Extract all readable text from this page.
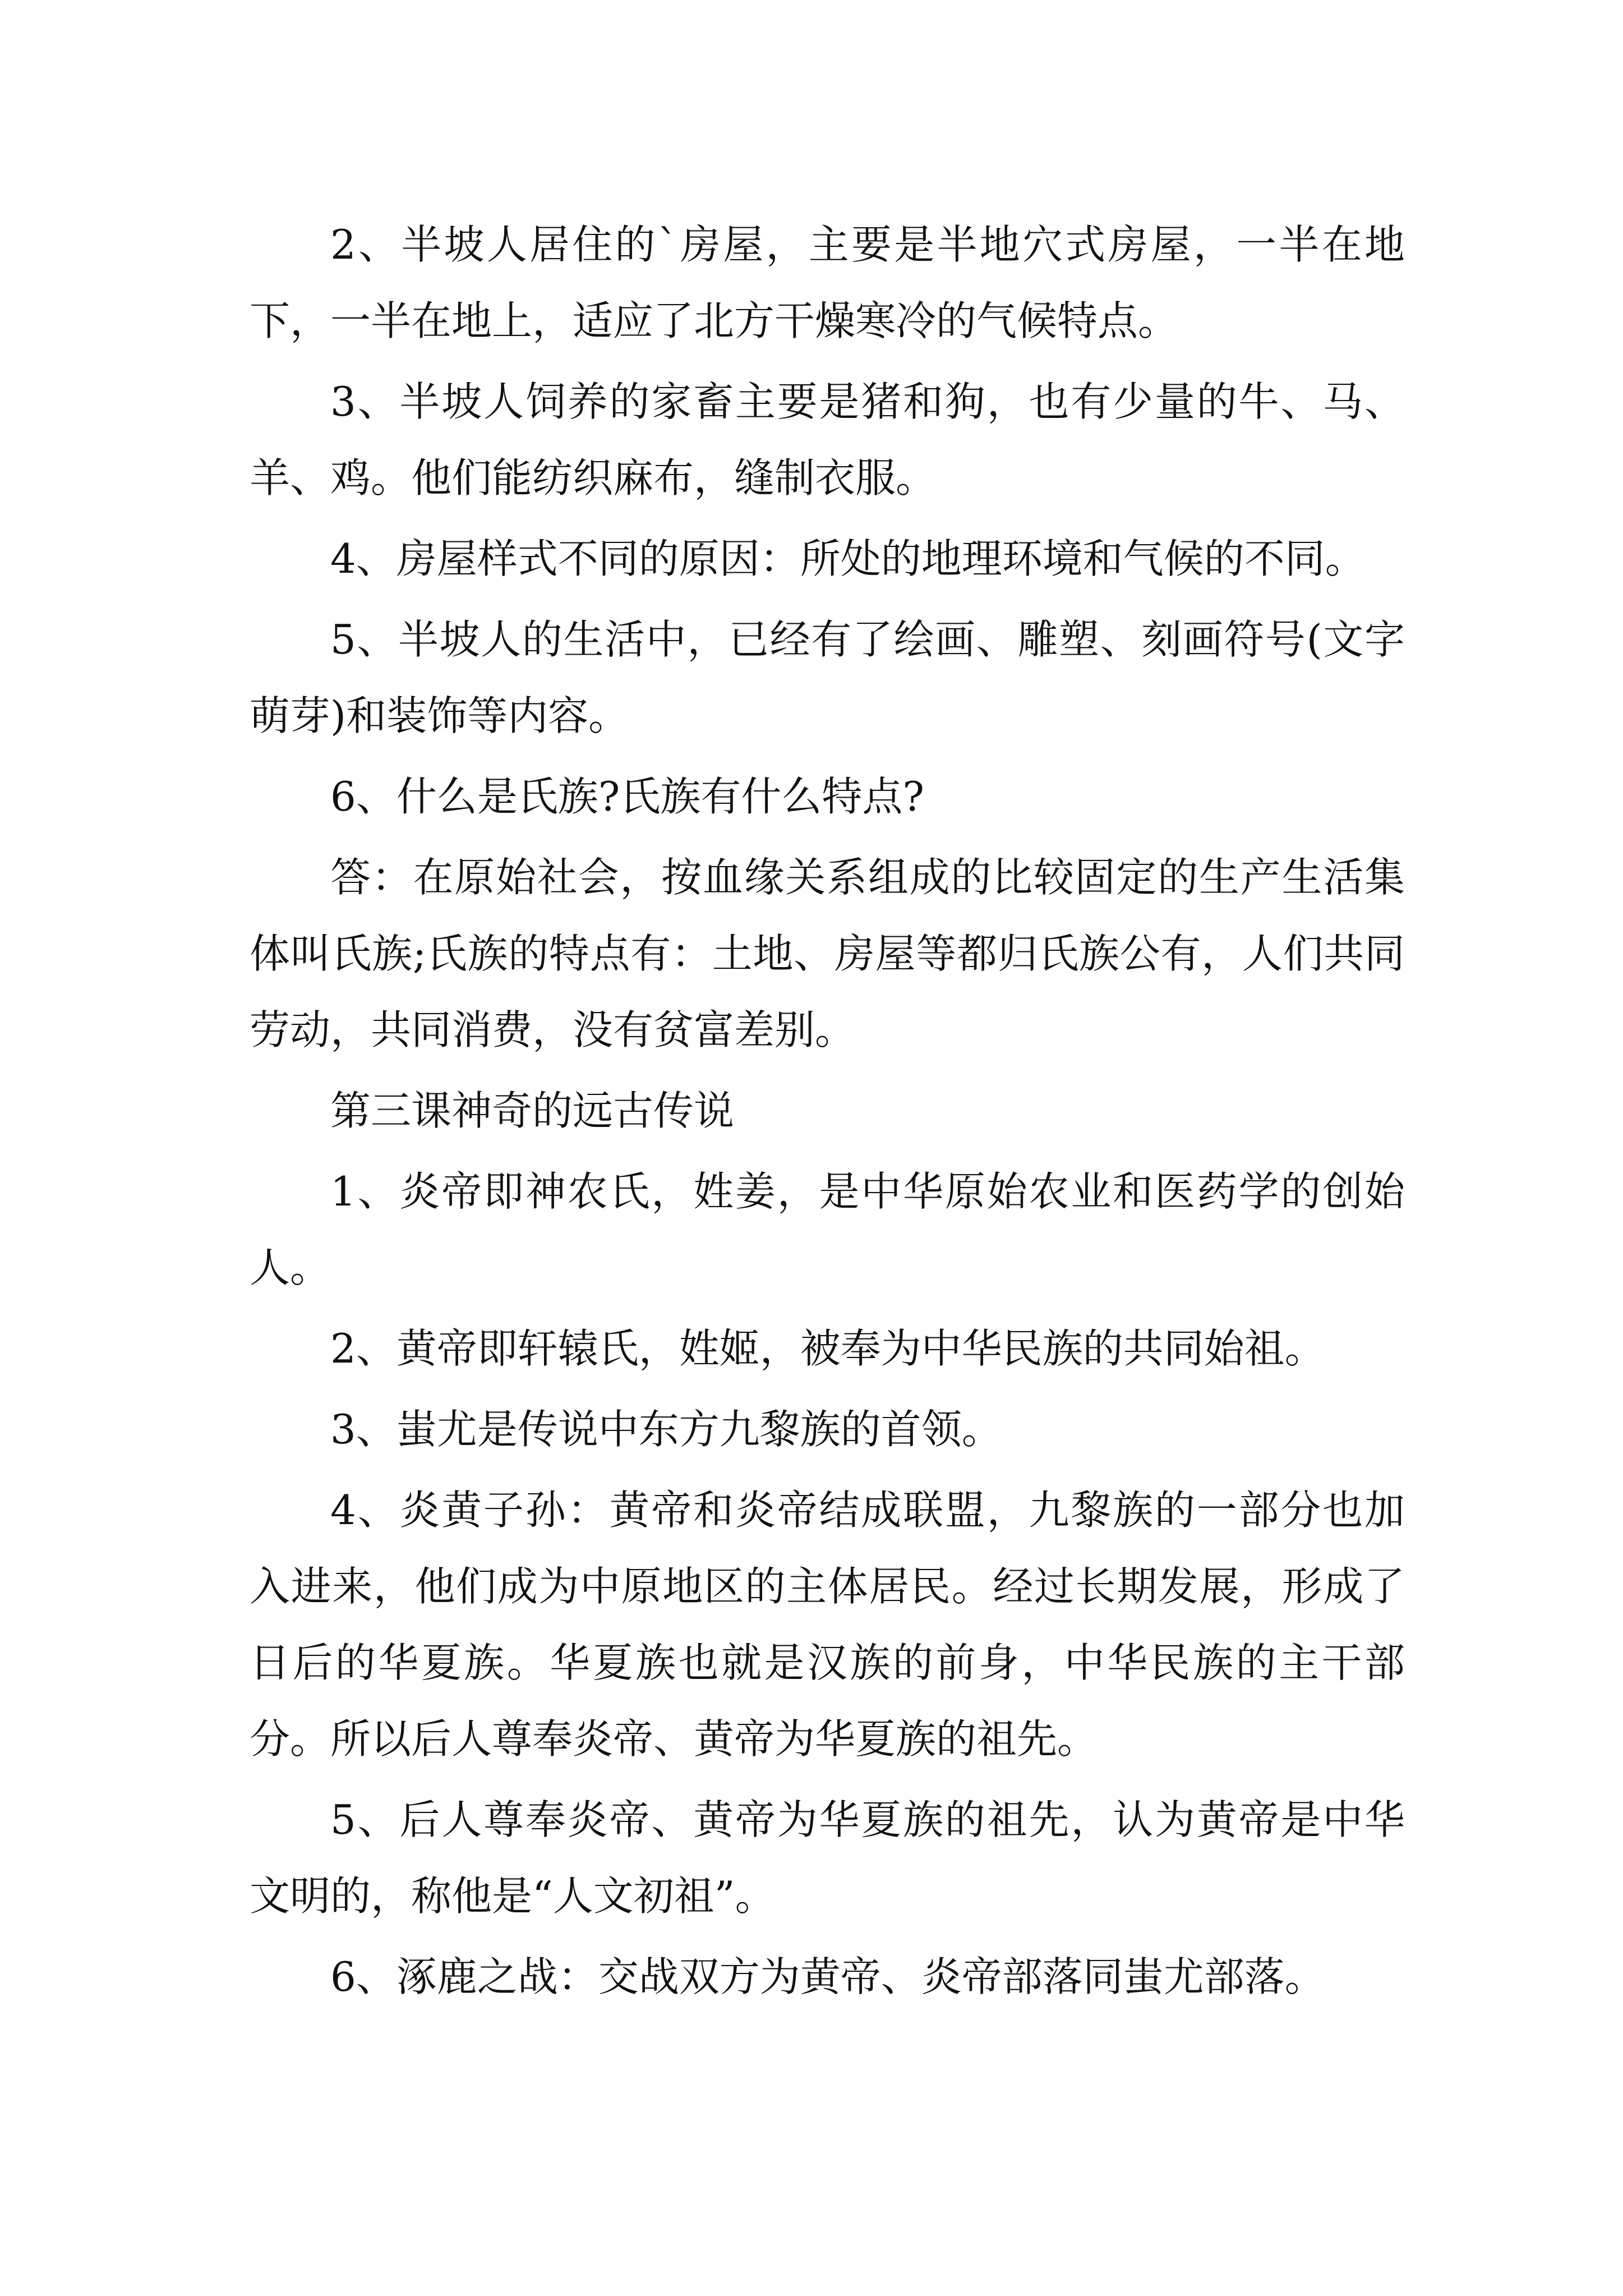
2、半坡人居住的`房屋，主要是半地穴式房屋，一半在地下，一半在地上，适应了北方干燥寒冷的气候特点。

3、半坡人饲养的家畜主要是猪和狗，也有少量的牛、马、羊、鸡。他们能纺织麻布，缝制衣服。

4、房屋样式不同的原因：所处的地理环境和气候的不同。

5、半坡人的生活中，已经有了绘画、雕塑、刻画符号(文字萌芽)和装饰等内容。

6、什么是氏族?氏族有什么特点?

答：在原始社会，按血缘关系组成的比较固定的生产生活集体叫氏族;氏族的特点有：土地、房屋等都归氏族公有，人们共同劳动，共同消费，没有贫富差别。

第三课神奇的远古传说

1、炎帝即神农氏，姓姜，是中华原始农业和医药学的创始人。

2、黄帝即轩辕氏，姓姬，被奉为中华民族的共同始祖。

3、蚩尤是传说中东方九黎族的首领。

4、炎黄子孙：黄帝和炎帝结成联盟，九黎族的一部分也加入进来，他们成为中原地区的主体居民。经过长期发展，形成了日后的华夏族。华夏族也就是汉族的前身，中华民族的主干部分。所以后人尊奉炎帝、黄帝为华夏族的祖先。

5、后人尊奉炎帝、黄帝为华夏族的祖先，认为黄帝是中华文明的，称他是“人文初祖”。

6、涿鹿之战：交战双方为黄帝、炎帝部落同蚩尤部落。
